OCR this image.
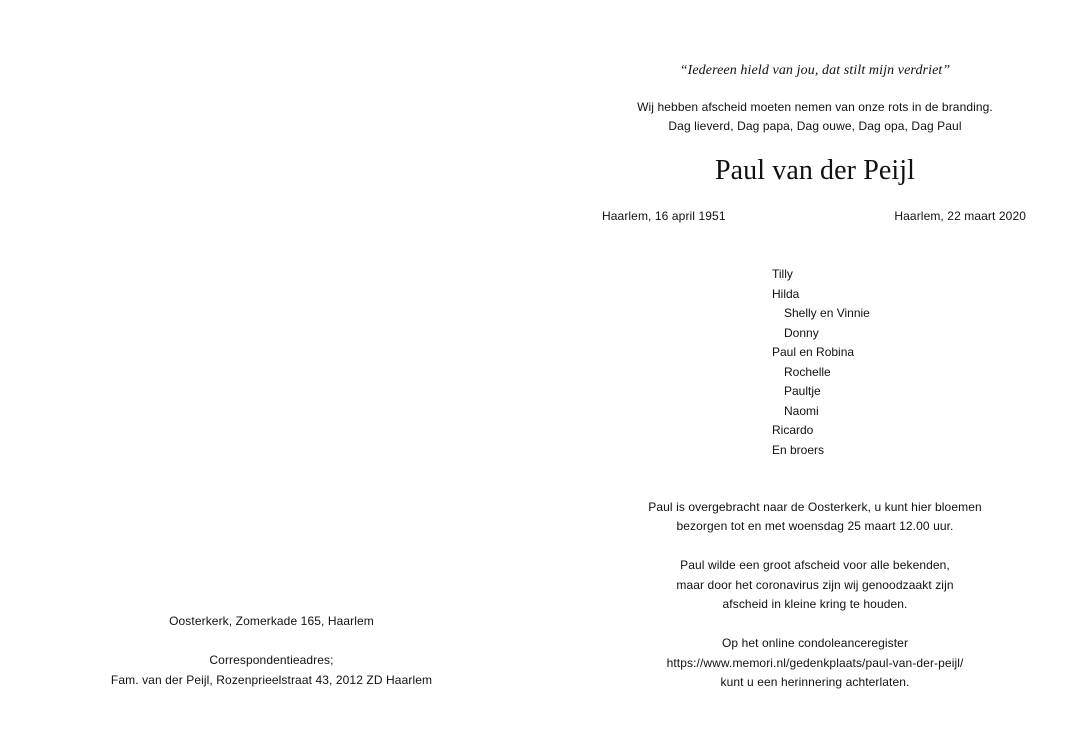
Oosterkerk, Zomerkade 165, Haarlem
Correspondentieadres;
Fam. van der Peijl, Rozenprieelstraat 43, 2012 ZD Haarlem
“Iedereen hield van jou, dat stilt mijn verdriet”
Wij hebben afscheid moeten nemen van onze rots in de branding.
Dag lieverd, Dag papa, Dag ouwe, Dag opa, Dag Paul
Paul van der Peijl
Haarlem, 16 april 1951	Haarlem, 22 maart 2020
Paul is overgebracht naar de Oosterkerk, u kunt hier bloemen
bezorgen tot en met woensdag 25 maart 12.00 uur.
Paul wilde een groot afscheid voor alle bekenden,
maar door het coronavirus zijn wij genoodzaakt zijn
afscheid in kleine kring te houden.
Op het online condoleanceregister
https://www.memori.nl/gedenkplaats/paul-van-der-peijl/
kunt u een herinnering achterlaten.
Tilly
Hilda
Shelly en Vinnie
Donny
Paul en Robina
Rochelle
Paultje
Naomi
Ricardo
En broers
